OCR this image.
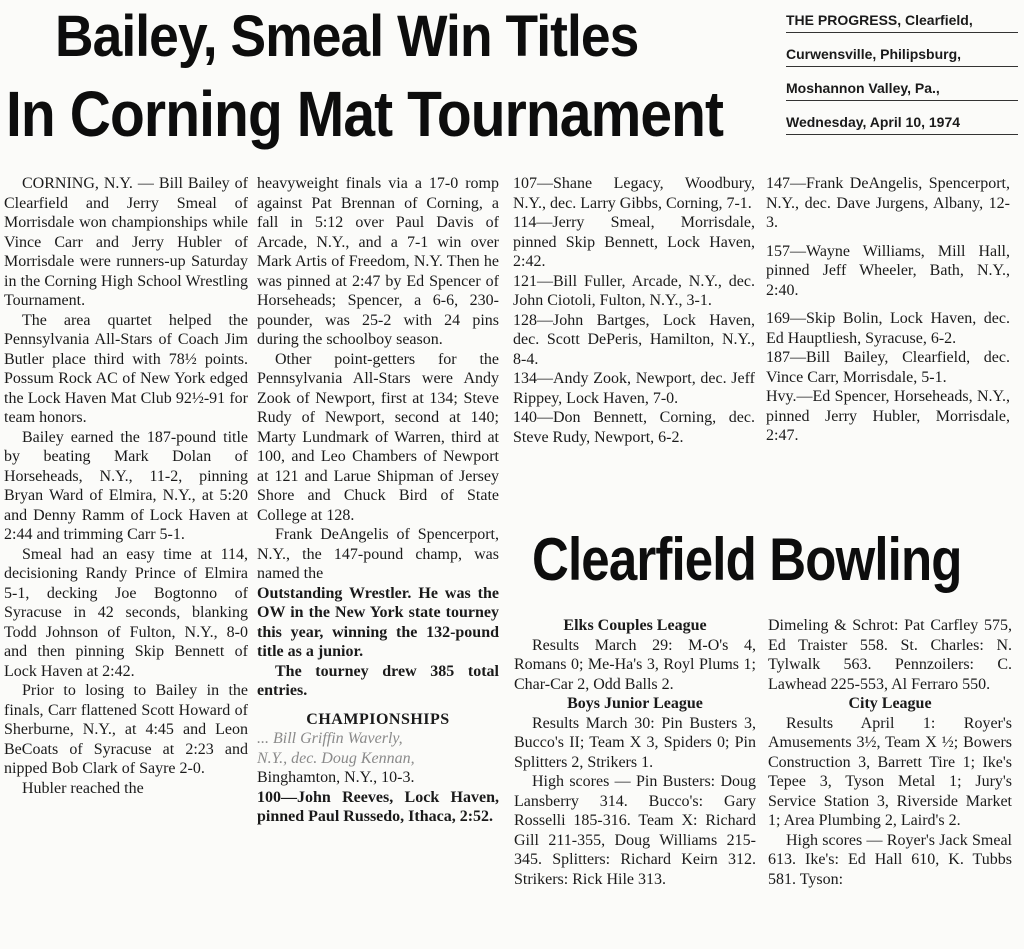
Bailey, Smeal Win Titles
In Corning Mat Tournament
THE PROGRESS, Clearfield,
Curwensville, Philipsburg,
Moshannon Valley, Pa.,
Wednesday, April 10, 1974

CORNING, N.Y. — Bill Bailey of Clearfield and Jerry Smeal of Morrisdale won championships while Vince Carr and Jerry Hubler of Morrisdale were runners-up Saturday in the Corning High School Wrestling Tournament.

The area quartet helped the Pennsylvania All-Stars of Coach Jim Butler place third with 78½ points. Possum Rock AC of New York edged the Lock Haven Mat Club 92½-91 for team honors.

Bailey earned the 187-pound title by beating Mark Dolan of Horseheads, N.Y., 11-2, pinning Bryan Ward of Elmira, N.Y., at 5:20 and Denny Ramm of Lock Haven at 2:44 and trimming Carr 5-1.

Smeal had an easy time at 114, decisioning Randy Prince of Elmira 5-1, decking Joe Bogtonno of Syracuse in 42 seconds, blanking Todd Johnson of Fulton, N.Y., 8-0 and then pinning Skip Bennett of Lock Haven at 2:42.

Prior to losing to Bailey in the finals, Carr flattened Scott Howard of Sherburne, N.Y., at 4:45 and Leon BeCoats of Syracuse at 2:23 and nipped Bob Clark of Sayre 2-0.

Hubler reached the

heavyweight finals via a 17-0 romp against Pat Brennan of Corning, a fall in 5:12 over Paul Davis of Arcade, N.Y., and a 7-1 win over Mark Artis of Freedom, N.Y. Then he was pinned at 2:47 by Ed Spencer of Horseheads; Spencer, a 6-6, 230-pounder, was 25-2 with 24 pins during the schoolboy season.

Other point-getters for the Pennsylvania All-Stars were Andy Zook of Newport, first at 134; Steve Rudy of Newport, second at 140; Marty Lundmark of Warren, third at 100, and Leo Chambers of Newport at 121 and Larue Shipman of Jersey Shore and Chuck Bird of State College at 128.

Frank DeAngelis of Spencerport, N.Y., the 147-pound champ, was named the

Outstanding Wrestler. He was the OW in the New York state tourney this year, winning the 132-pound title as a junior.

The tourney drew 385 total entries.

CHAMPIONSHIPS

... Bill Griffin Waverly,

N.Y., dec. Doug Kennan,

Binghamton, N.Y., 10-3.

100—John Reeves, Lock Haven, pinned Paul Russedo, Ithaca, 2:52.

107—Shane Legacy, Woodbury, N.Y., dec. Larry Gibbs, Corning, 7-1.

114—Jerry Smeal, Morrisdale, pinned Skip Bennett, Lock Haven, 2:42.

121—Bill Fuller, Arcade, N.Y., dec. John Ciotoli, Fulton, N.Y., 3-1.

128—John Bartges, Lock Haven, dec. Scott DePeris, Hamilton, N.Y., 8-4.

134—Andy Zook, Newport, dec. Jeff Rippey, Lock Haven, 7-0.

140—Don Bennett, Corning, dec. Steve Rudy, Newport, 6-2.

147—Frank DeAngelis, Spencerport, N.Y., dec. Dave Jurgens, Albany, 12-3.

157—Wayne Williams, Mill Hall, pinned Jeff Wheeler, Bath, N.Y., 2:40.

169—Skip Bolin, Lock Haven, dec. Ed Hauptliesh, Syracuse, 6-2.

187—Bill Bailey, Clearfield, dec. Vince Carr, Morrisdale, 5-1.

Hvy.—Ed Spencer, Horseheads, N.Y., pinned Jerry Hubler, Morrisdale, 2:47.

Clearfield Bowling

Elks Couples League

Results March 29: M-O's 4, Romans 0; Me-Ha's 3, Royl Plums 1; Char-Car 2, Odd Balls 2.

Boys Junior League

Results March 30: Pin Busters 3, Bucco's II; Team X 3, Spiders 0; Pin Splitters 2, Strikers 1.

High scores — Pin Busters: Doug Lansberry 314. Bucco's: Gary Rosselli 185-316. Team X: Richard Gill 211-355, Doug Williams 215-345. Splitters: Richard Keirn 312. Strikers: Rick Hile 313.

Dimeling & Schrot: Pat Carfley 575, Ed Traister 558. St. Charles: N. Tylwalk 563. Pennzoilers: C. Lawhead 225-553, Al Ferraro 550.

City League

Results April 1: Royer's Amusements 3½, Team X ½; Bowers Construction 3, Barrett Tire 1; Ike's Tepee 3, Tyson Metal 1; Jury's Service Station 3, Riverside Market 1; Area Plumbing 2, Laird's 2.

High scores — Royer's Jack Smeal 613. Ike's: Ed Hall 610, K. Tubbs 581. Tyson:
